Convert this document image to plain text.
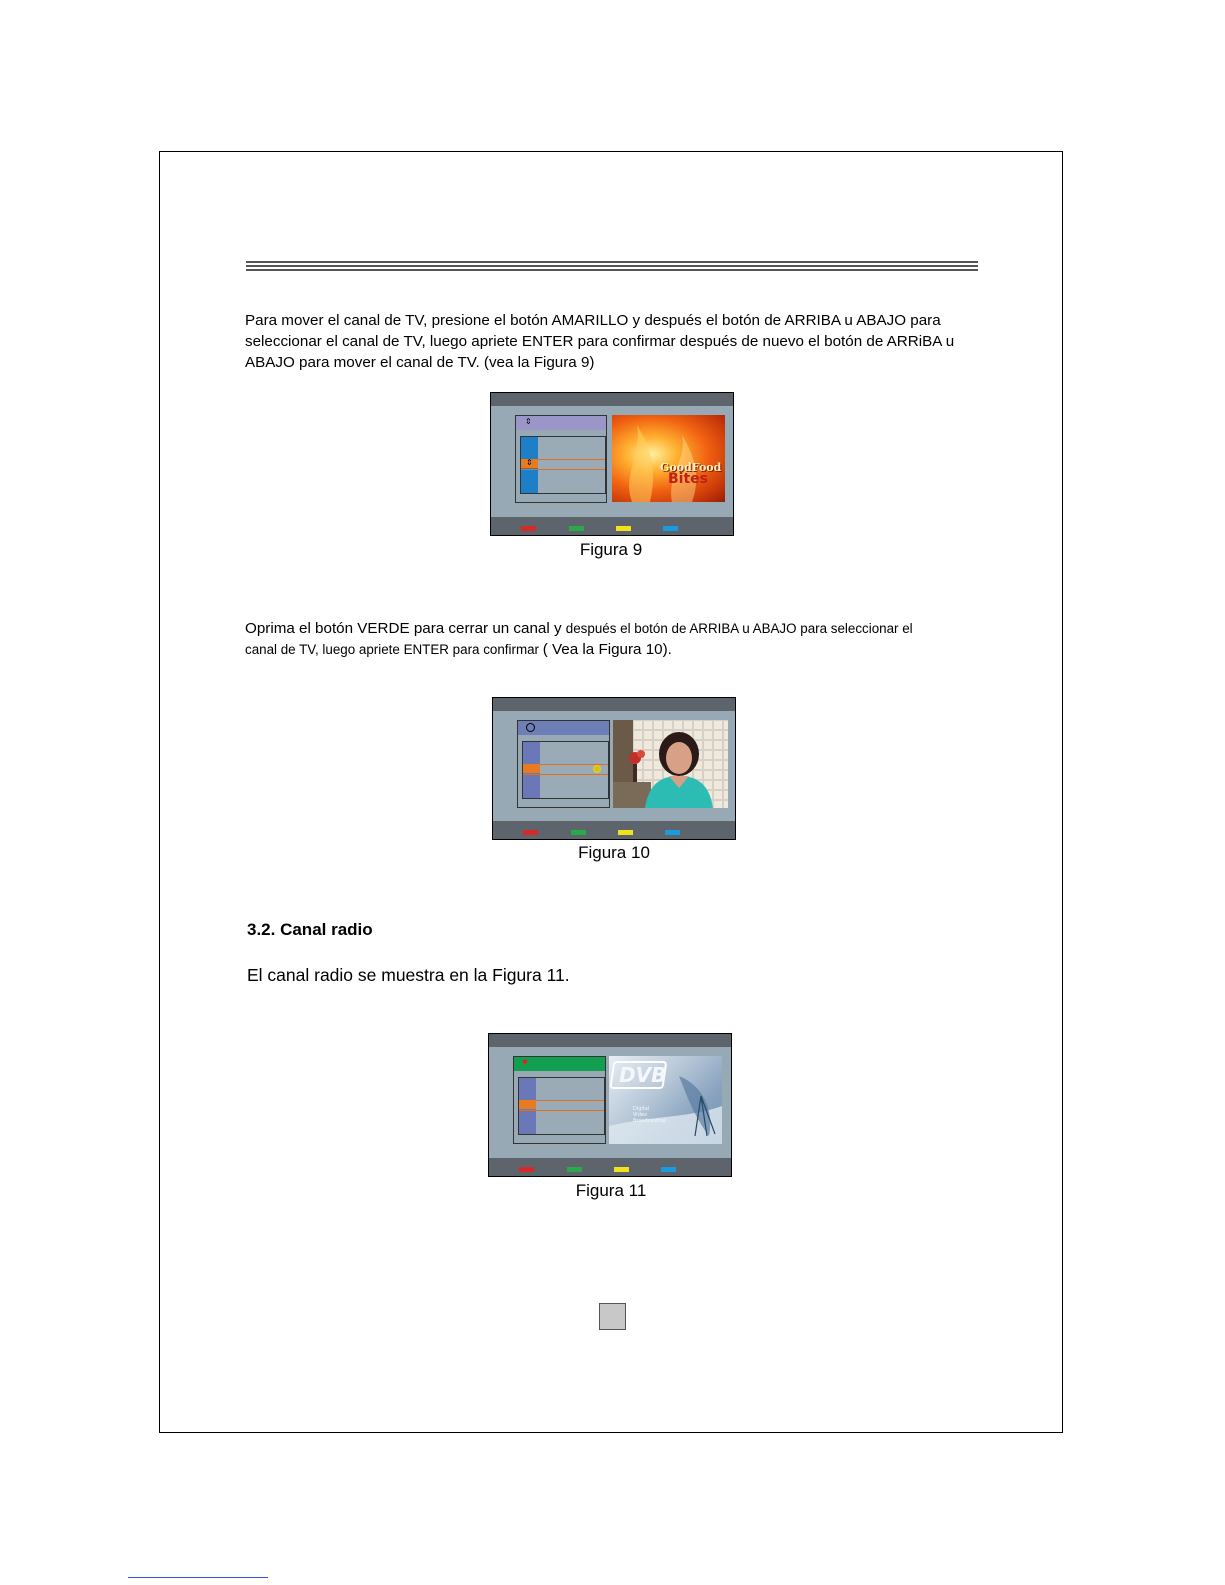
Para mover el canal de TV, presione el botón AMARILLO y después el botón de ARRIBA u ABAJO para
seleccionar el canal de TV, luego apriete ENTER para confirmar después de nuevo el botón de ARRiBA u
ABAJO para mover el canal de TV. (vea la Figura 9)

⇕
⇕	GoodFood
Bites
Figura 9

Oprima el botón VERDE para cerrar un canal y después el botón de ARRIBA u ABAJO para seleccionar el
canal de TV, luego apriete ENTER para confirmar ( Vea la Figura 10).

Figura 10

3.2. Canal radio

El canal radio se muestra en la Figura 11.

♥
DVB
Digital
Video
Broadcasting
Figura 11
